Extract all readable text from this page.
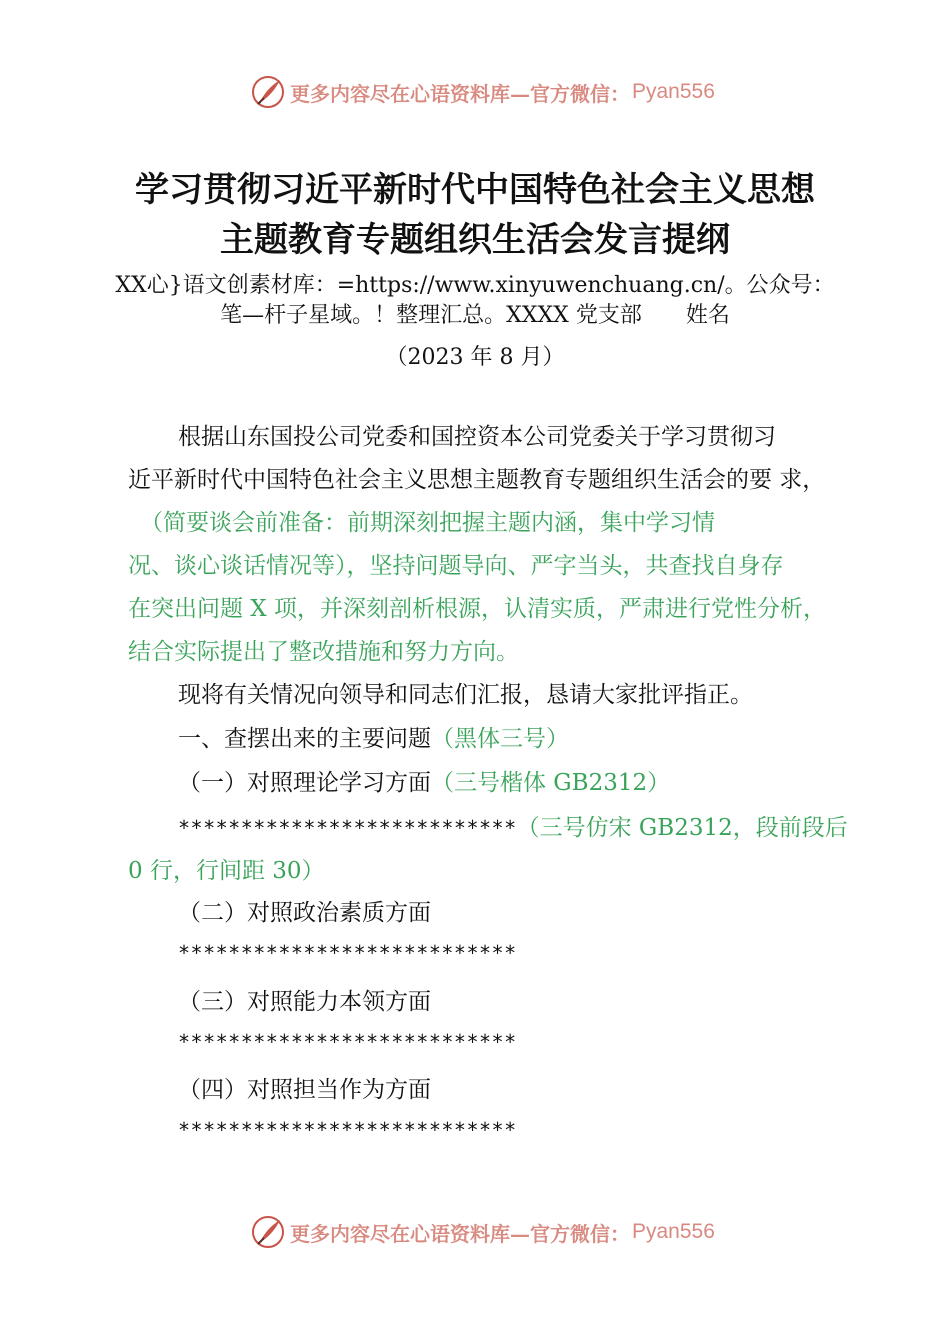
更多内容尽在心语资料库—官方微信： Pyan556
学习贯彻习近平新时代中国特色社会主义思想
主题教育专题组织生活会发言提纲
XX心}语文创素材库：=https://www.xinyuwenchuang.cn/。公众号：
笔—杆子星域。！整理汇总。XXXX 党支部　　姓名
（2023 年 8 月）
根据山东国投公司党委和国控资本公司党委关于学习贯彻习
近平新时代中国特色社会主义思想主题教育专题组织生活会的要 求，
（简要谈会前准备：前期深刻把握主题内涵，集中学习情
况、谈心谈话情况等），坚持问题导向、严字当头，共查找自身存
在突出问题 X 项，并深刻剖析根源，认清实质，严肃进行党性分析，
结合实际提出了整改措施和努力方向。
现将有关情况向领导和同志们汇报，恳请大家批评指正。
一、查摆出来的主要问题（黑体三号）
（一）对照理论学习方面（三号楷体 GB2312）
***************************（三号仿宋 GB2312，段前段后
0 行，行间距 30）
（二）对照政治素质方面
***************************
（三）对照能力本领方面
***************************
（四）对照担当作为方面
***************************
更多内容尽在心语资料库—官方微信： Pyan556
